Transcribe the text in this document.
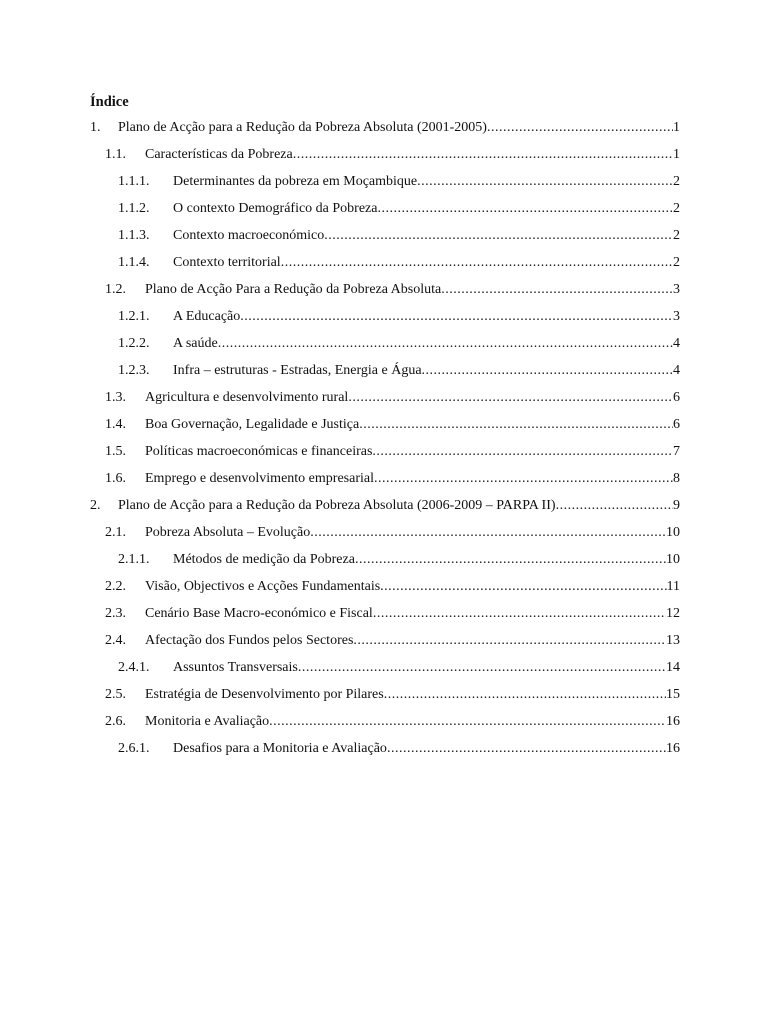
Índice
1. Plano de Acção para a Redução da Pobreza Absoluta (2001-2005) .....	1
1.1. Características da Pobreza .....	1
1.1.1. Determinantes da pobreza em Moçambique .....	2
1.1.2. O contexto Demográfico da Pobreza .....	2
1.1.3. Contexto macroeconómico .....	2
1.1.4. Contexto territorial .....	2
1.2. Plano de Acção Para a Redução da Pobreza Absoluta .....	3
1.2.1. A Educação .....	3
1.2.2. A saúde .....	4
1.2.3. Infra – estruturas - Estradas, Energia e Água .....	4
1.3. Agricultura e desenvolvimento rural .....	6
1.4. Boa Governação, Legalidade e Justiça .....	6
1.5. Políticas macroeconómicas e financeiras .....	7
1.6. Emprego e desenvolvimento empresarial .....	8
2. Plano de Acção para a Redução da Pobreza Absoluta (2006-2009 – PARPA II) .....	9
2.1. Pobreza Absoluta – Evolução .....	10
2.1.1. Métodos de medição da Pobreza .....	10
2.2. Visão, Objectivos e Acções Fundamentais .....	11
2.3. Cenário Base Macro-económico e Fiscal .....	12
2.4. Afectação dos Fundos pelos Sectores .....	13
2.4.1. Assuntos Transversais .....	14
2.5. Estratégia de Desenvolvimento por Pilares .....	15
2.6. Monitoria e Avaliação .....	16
2.6.1. Desafios para a Monitoria e Avaliação .....	16
